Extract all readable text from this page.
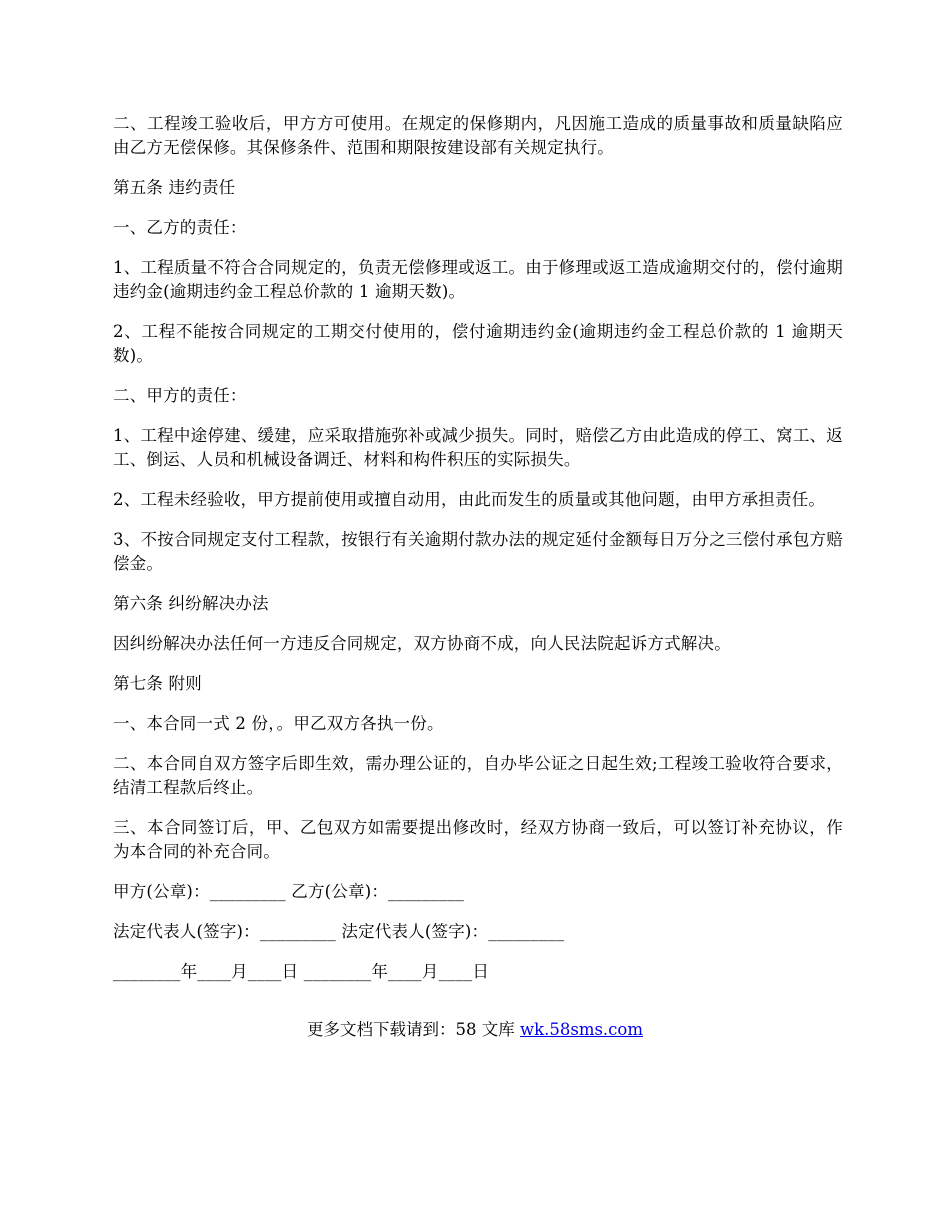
二、工程竣工验收后，甲方方可使用。在规定的保修期内，凡因施工造成的质量事故和质量缺陷应由乙方无偿保修。其保修条件、范围和期限按建设部有关规定执行。

第五条 违约责任

一、乙方的责任：

1、工程质量不符合合同规定的，负责无偿修理或返工。由于修理或返工造成逾期交付的，偿付逾期违约金(逾期违约金工程总价款的 1 逾期天数)。

2、工程不能按合同规定的工期交付使用的，偿付逾期违约金(逾期违约金工程总价款的 1 逾期天数)。

二、甲方的责任：

1、工程中途停建、缓建，应采取措施弥补或减少损失。同时，赔偿乙方由此造成的停工、窝工、返工、倒运、人员和机械设备调迁、材料和构件积压的实际损失。

2、工程未经验收，甲方提前使用或擅自动用，由此而发生的质量或其他问题，由甲方承担责任。

3、不按合同规定支付工程款，按银行有关逾期付款办法的规定延付金额每日万分之三偿付承包方赔偿金。

第六条 纠纷解决办法

因纠纷解决办法任何一方违反合同规定，双方协商不成，向人民法院起诉方式解决。

第七条 附则

一、本合同一式 2 份，。甲乙双方各执一份。

二、本合同自双方签字后即生效，需办理公证的，自办毕公证之日起生效;工程竣工验收符合要求，结清工程款后终止。

三、本合同签订后，甲、乙包双方如需要提出修改时，经双方协商一致后，可以签订补充协议，作为本合同的补充合同。

甲方(公章)：_________ 乙方(公章)：_________

法定代表人(签字)：_________ 法定代表人(签字)：_________

________年____月____日 ________年____月____日

更多文档下载请到：58 文库 wk.58sms.com
